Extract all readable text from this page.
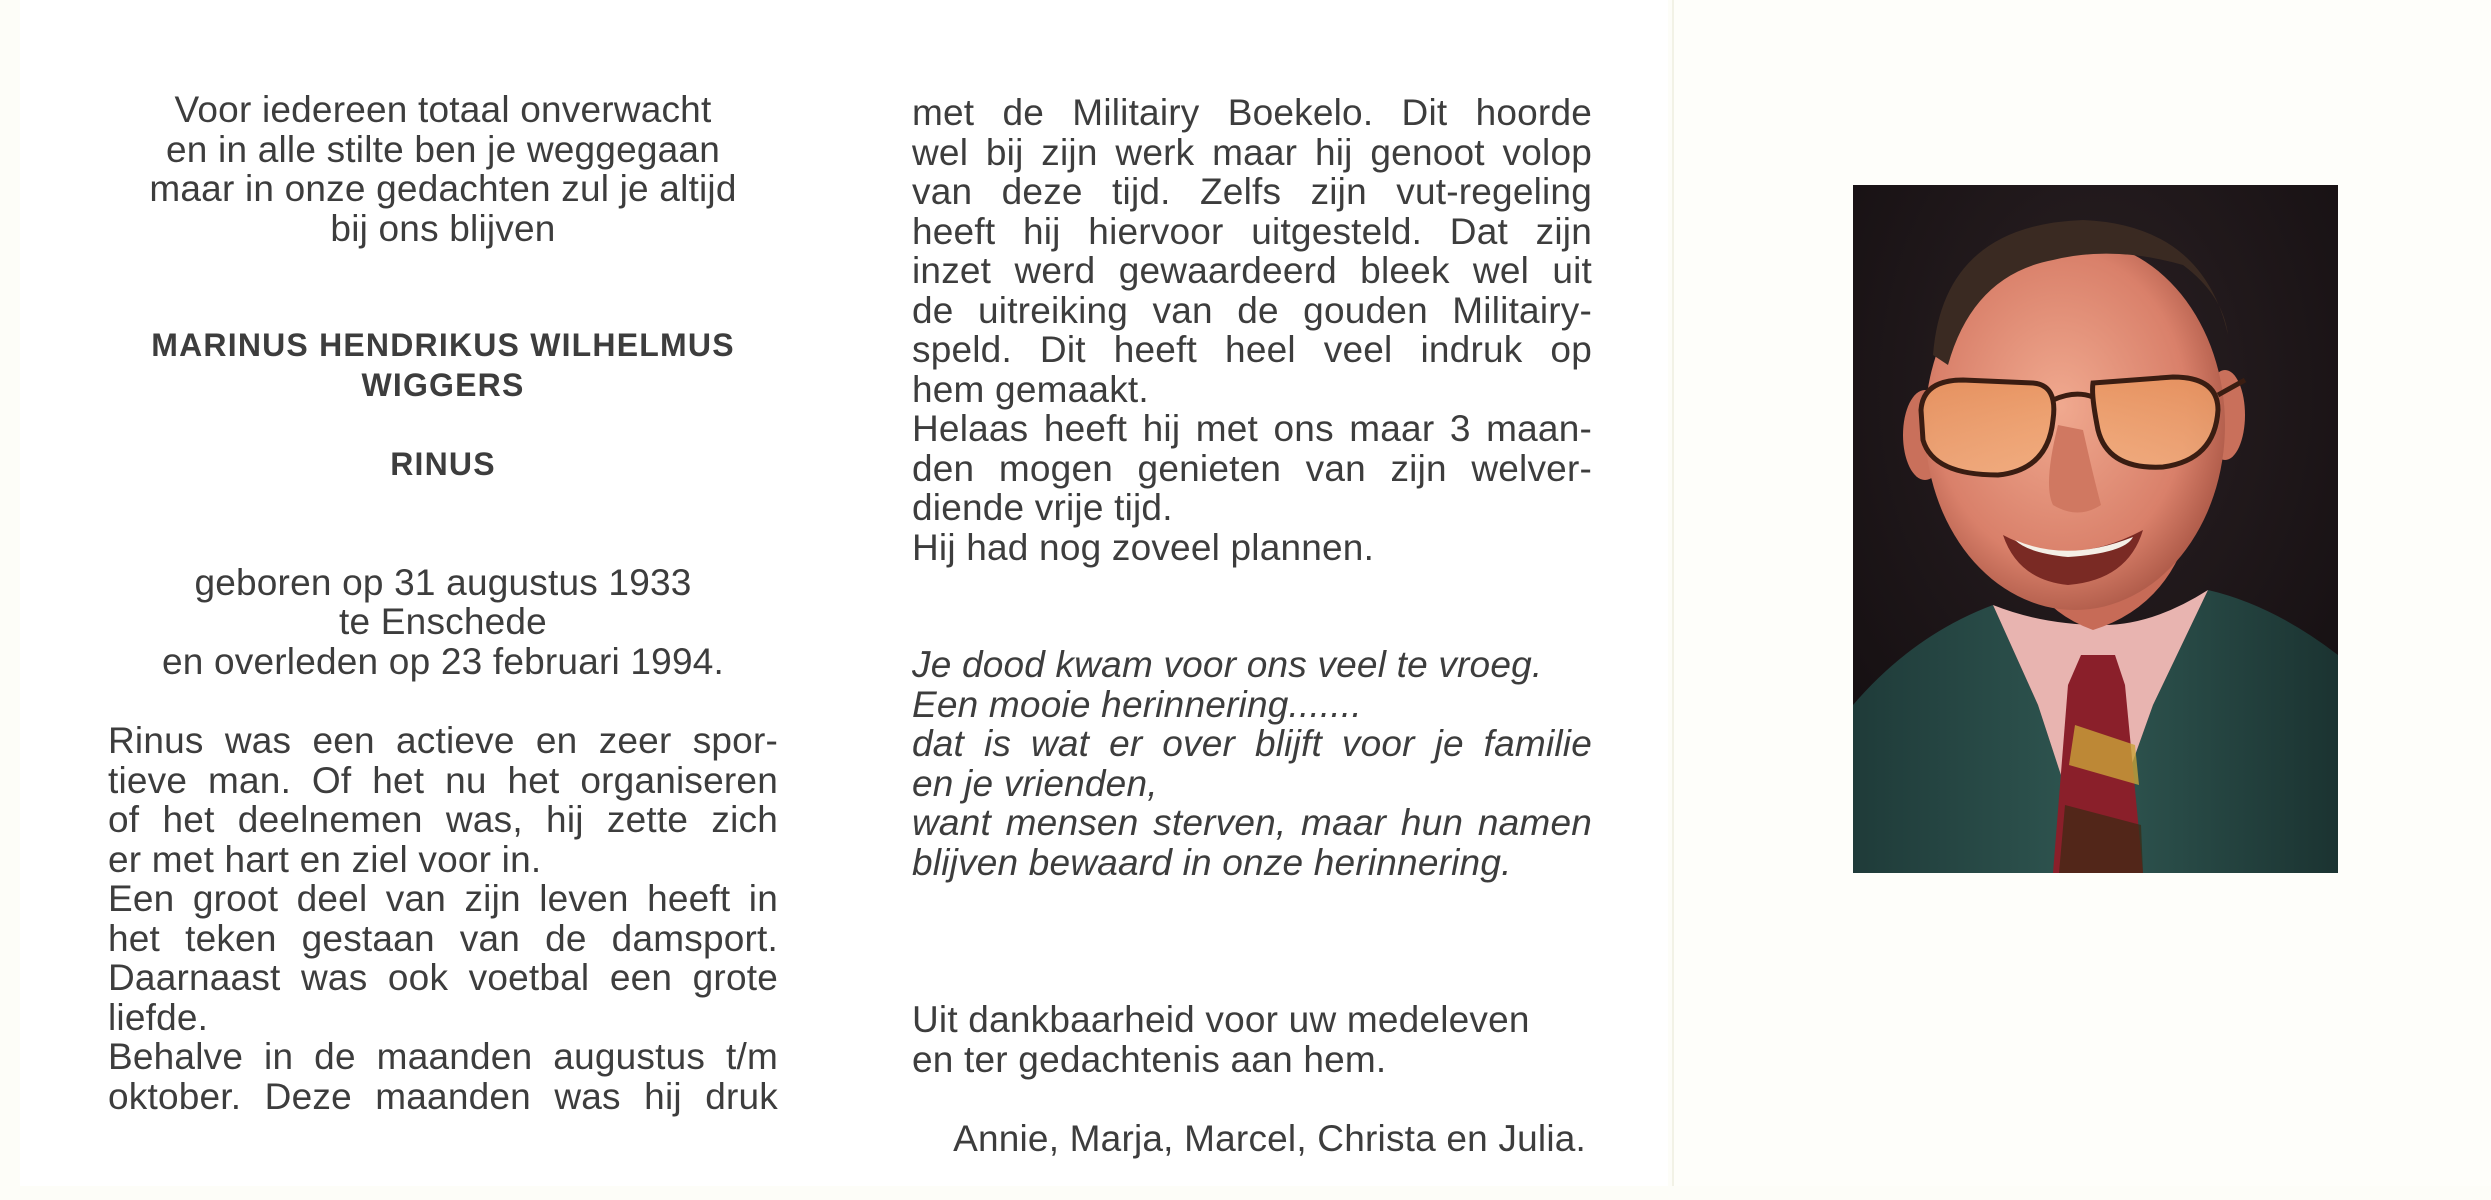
Voor iedereen totaal onverwacht
en in alle stilte ben je weggegaan
maar in onze gedachten zul je altijd
bij ons blijven
MARINUS HENDRIKUS WILHELMUS
WIGGERS
RINUS
geboren op 31 augustus 1933
te Enschede
en overleden op 23 februari 1994.
Rinus was een actieve en zeer spor-
tieve man. Of het nu het organiseren
of het deelnemen was, hij zette zich
er met hart en ziel voor in.
Een groot deel van zijn leven heeft in
het teken gestaan van de damsport.
Daarnaast was ook voetbal een grote
liefde.
Behalve in de maanden augustus t/m
oktober. Deze maanden was hij druk
met de Militairy Boekelo. Dit hoorde
wel bij zijn werk maar hij genoot volop
van deze tijd. Zelfs zijn vut-regeling
heeft hij hiervoor uitgesteld. Dat zijn
inzet werd gewaardeerd bleek wel uit
de uitreiking van de gouden Militairy-
speld. Dit heeft heel veel indruk op
hem gemaakt.
Helaas heeft hij met ons maar 3 maan-
den mogen genieten van zijn welver-
diende vrije tijd.
Hij had nog zoveel plannen.
Je dood kwam voor ons veel te vroeg.
Een mooie herinnering.......
dat is wat er over blijft voor je familie
en je vrienden,
want mensen sterven, maar hun namen
blijven bewaard in onze herinnering.
Uit dankbaarheid voor uw medeleven
en ter gedachtenis aan hem.
Annie, Marja, Marcel, Christa en Julia.
